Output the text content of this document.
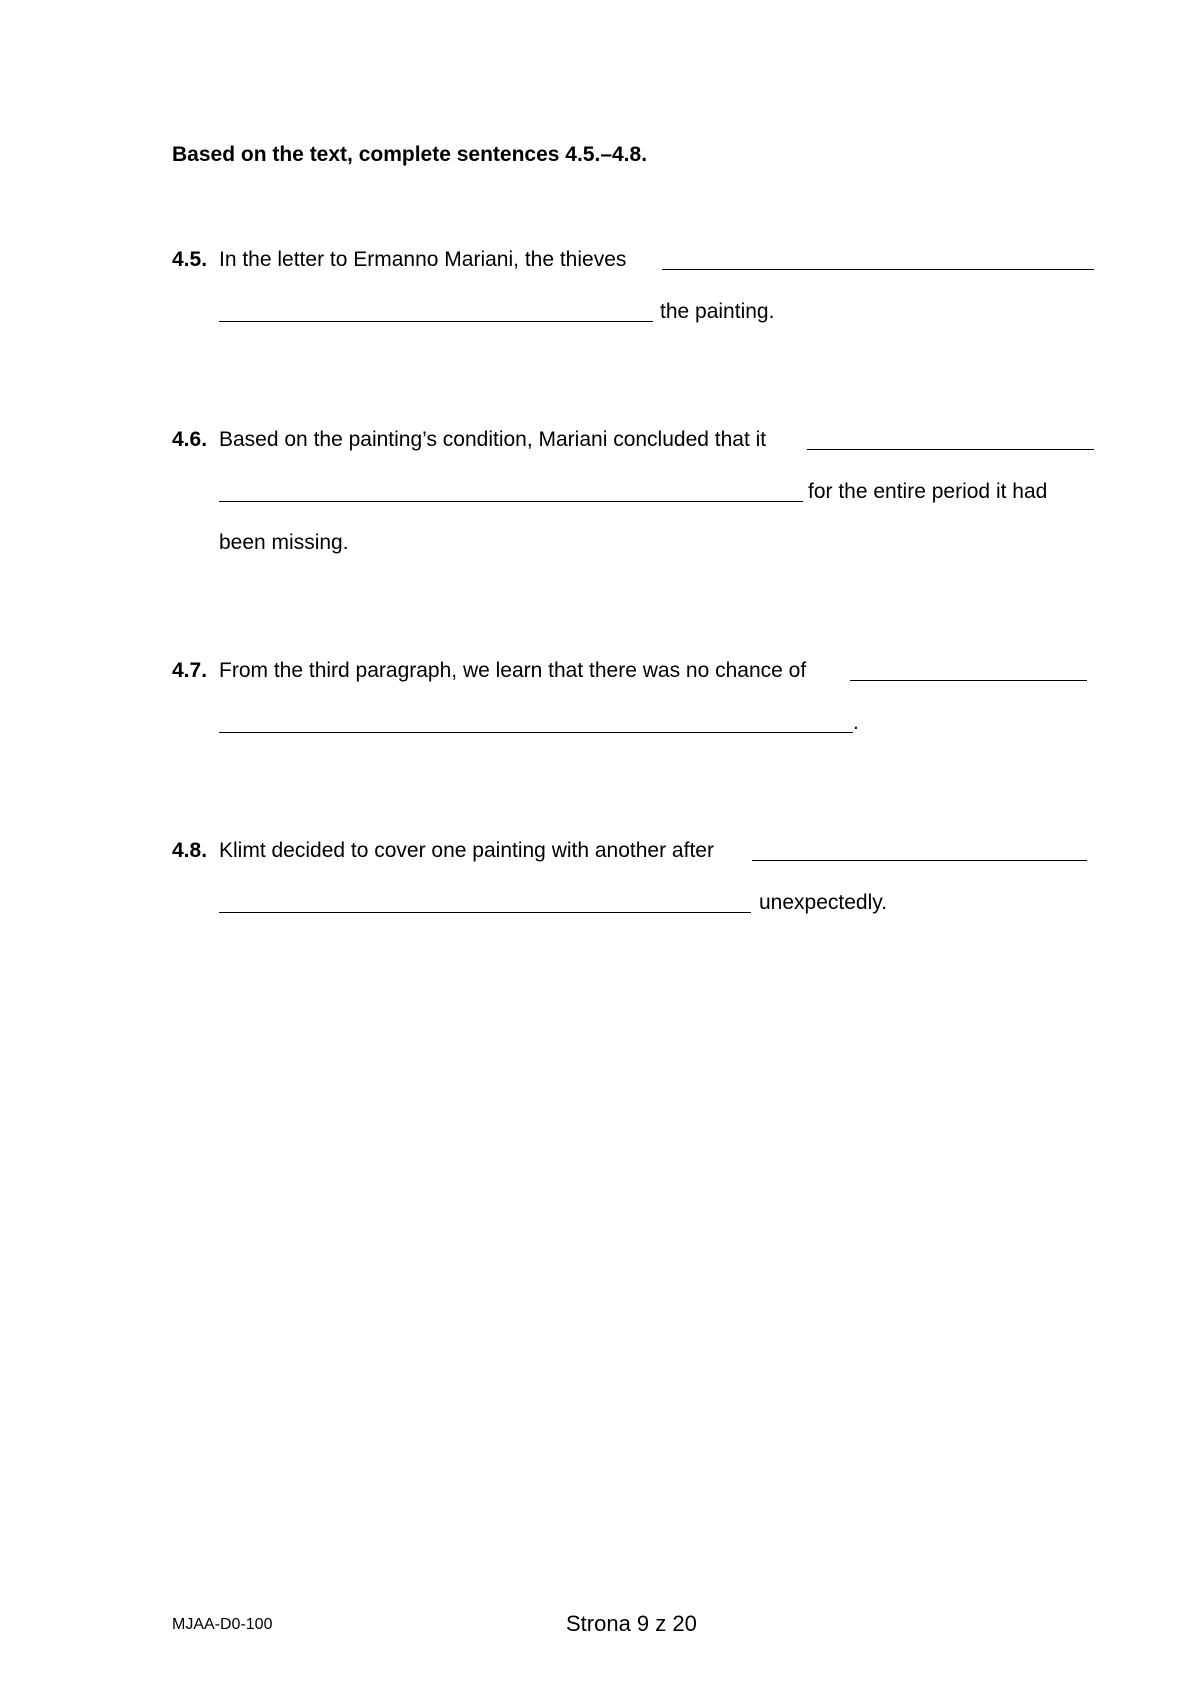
Based on the text, complete sentences 4.5.–4.8.
4.5. In the letter to Ermanno Mariani, the thieves
the painting.
4.6. Based on the painting’s condition, Mariani concluded that it
for the entire period it had
been missing.
4.7. From the third paragraph, we learn that there was no chance of
.
4.8. Klimt decided to cover one painting with another after
unexpectedly.
MJAA-D0-100	Strona 9 z 20
